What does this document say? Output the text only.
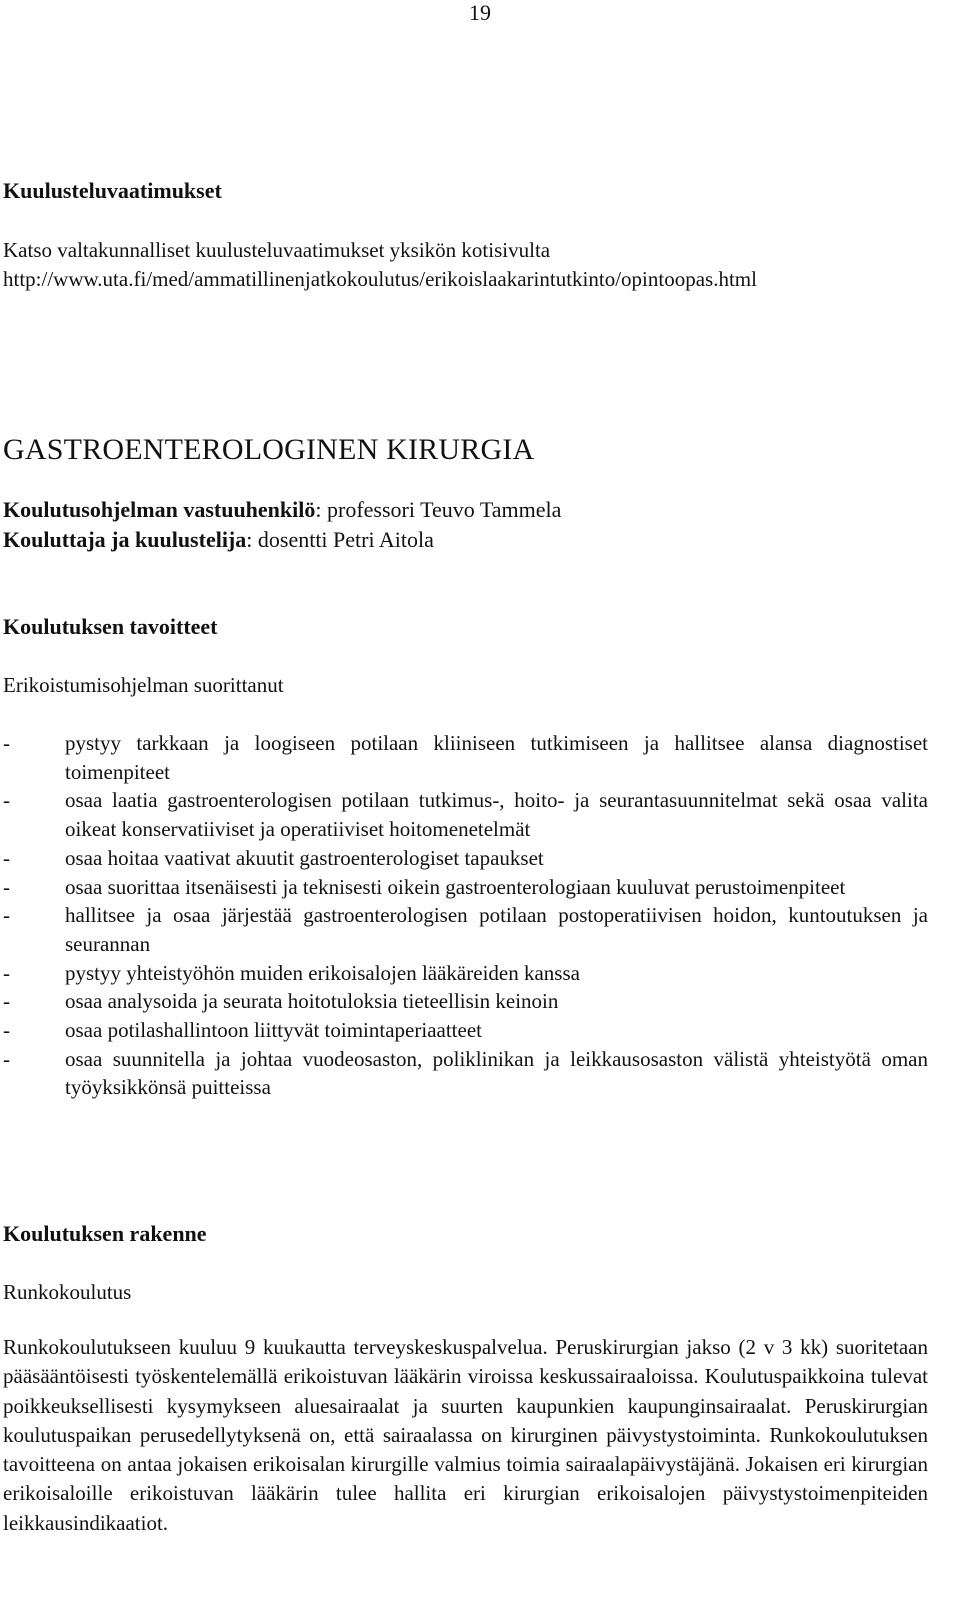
19
Kuulusteluvaatimukset
Katso valtakunnalliset kuulusteluvaatimukset yksikön kotisivulta
http://www.uta.fi/med/ammatillinenjatkokoulutus/erikoislaakarintutkinto/opintoopas.html
GASTROENTEROLOGINEN KIRURGIA
Koulutusohjelman vastuuhenkilö: professori Teuvo Tammela
Kouluttaja ja kuulustelija: dosentti Petri Aitola
Koulutuksen tavoitteet
Erikoistumisohjelman suorittanut
-	pystyy tarkkaan ja loogiseen potilaan kliiniseen tutkimiseen ja hallitsee alansa diagnostiset toimenpiteet
-	osaa laatia gastroenterologisen potilaan tutkimus-, hoito- ja seurantasuunnitelmat sekä osaa valita oikeat konservatiiviset ja operatiiviset hoitomenetelmät
-	osaa hoitaa vaativat akuutit gastroenterologiset tapaukset
-	osaa suorittaa itsenäisesti ja teknisesti oikein gastroenterologiaan kuuluvat perustoimenpiteet
-	hallitsee ja osaa järjestää gastroenterologisen potilaan postoperatiivisen hoidon, kuntoutuksen ja seurannan
-	pystyy yhteistyöhön muiden erikoisalojen lääkäreiden kanssa
-	osaa analysoida ja seurata hoitotuloksia tieteellisin keinoin
-	osaa potilashallintoon liittyvät toimintaperiaatteet
-	osaa suunnitella ja johtaa vuodeosaston, poliklinikan ja leikkausosaston välistä yhteistyötä oman työyksikkönsä puitteissa
Koulutuksen rakenne
Runkokoulutus

Runkokoulutukseen kuuluu 9 kuukautta terveyskeskuspalvelua. Peruskirurgian jakso (2 v 3 kk) suoritetaan pääsääntöisesti työskentelemällä erikoistuvan lääkärin viroissa keskussairaaloissa. Koulutuspaikkoina tulevat poikkeuksellisesti kysymykseen aluesairaalat ja suurten kaupunkien kaupunginsairaalat. Peruskirurgian koulutuspaikan perusedellytyksenä on, että sairaalassa on kirurginen päivystystoiminta. Runkokoulutuksen tavoitteena on antaa jokaisen erikoisalan kirurgille valmius toimia sairaalapäivystäjänä. Jokaisen eri kirurgian erikoisaloille erikoistuvan lääkärin tulee hallita eri kirurgian erikoisalojen päivystystoimenpiteiden leikkausindikaatiot.
